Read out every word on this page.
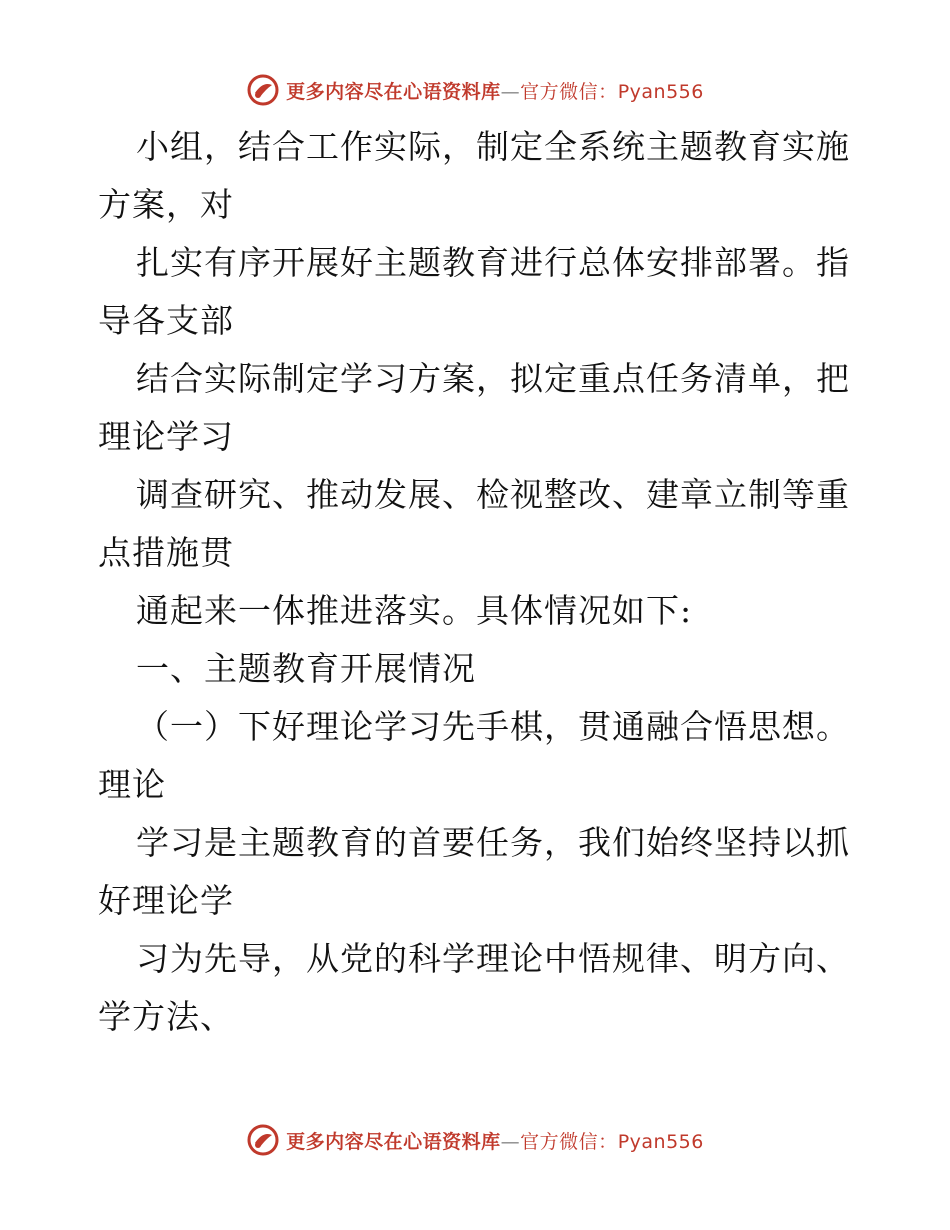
更多内容尽在心语资料库—官方微信：Pyan556
小组，结合工作实际，制定全系统主题教育实施
方案，对
扎实有序开展好主题教育进行总体安排部署。指
导各支部
结合实际制定学习方案，拟定重点任务清单，把
理论学习
调查研究、推动发展、检视整改、建章立制等重
点措施贯
通起来一体推进落实。具体情况如下:
一、主题教育开展情况
（一）下好理论学习先手棋，贯通融合悟思想。
理论
学习是主题教育的首要任务，我们始终坚持以抓
好理论学
习为先导，从党的科学理论中悟规律、明方向、
学方法、
更多内容尽在心语资料库—官方微信：Pyan556
